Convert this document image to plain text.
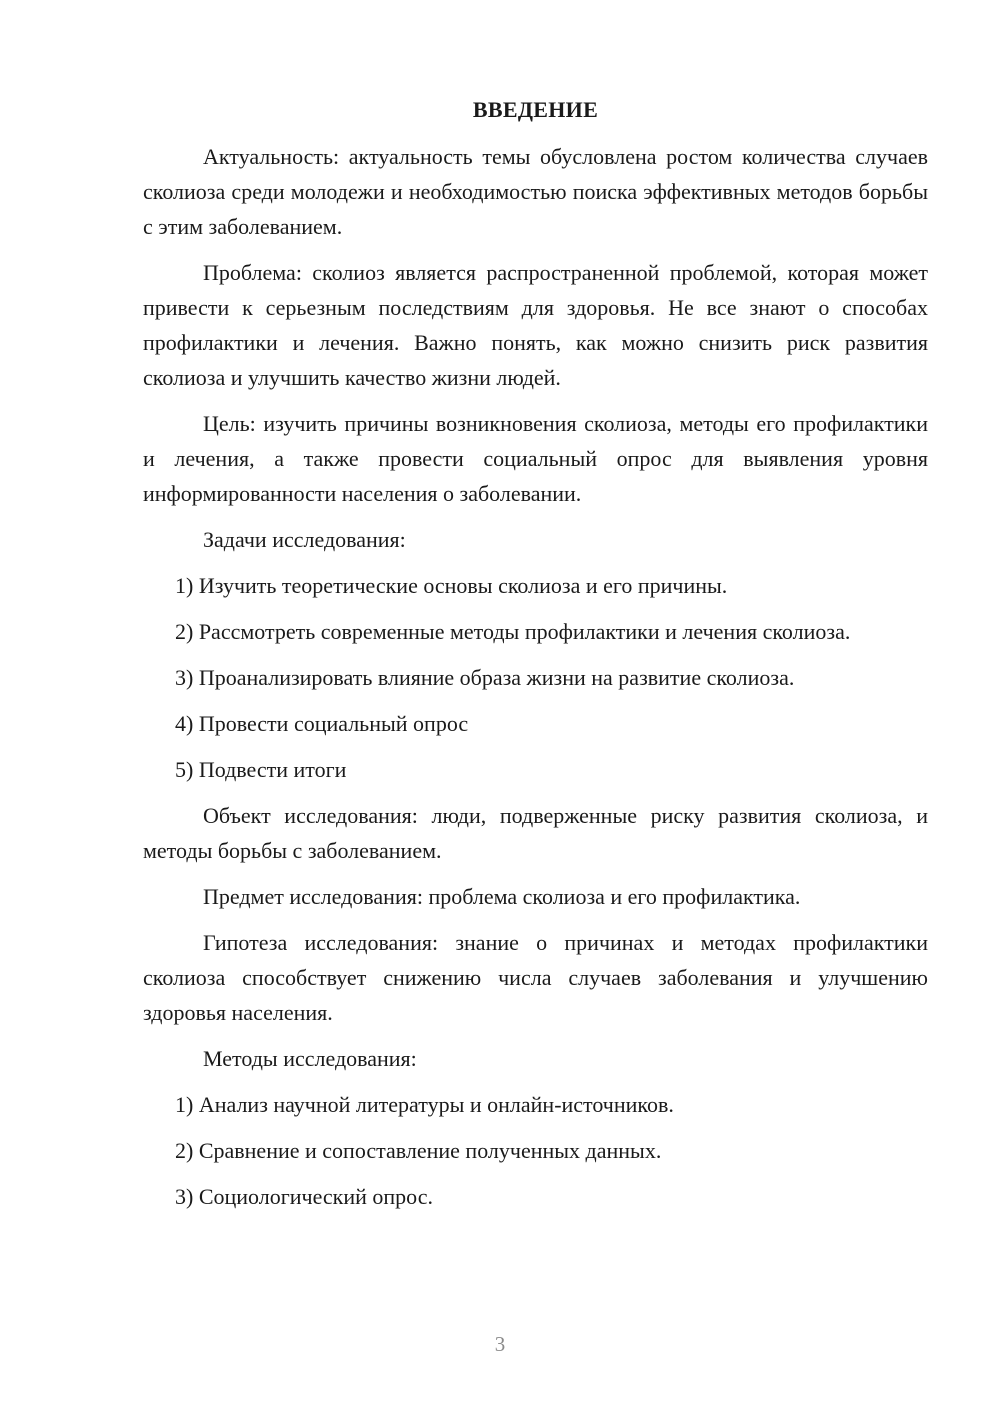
ВВЕДЕНИЕ

Актуальность: актуальность темы обусловлена ростом количества случаев сколиоза среди молодежи и необходимостью поиска эффективных методов борьбы с этим заболеванием.

Проблема: сколиоз является распространенной проблемой, которая может привести к серьезным последствиям для здоровья. Не все знают о способах профилактики и лечения. Важно понять, как можно снизить риск развития сколиоза и улучшить качество жизни людей.

Цель: изучить причины возникновения сколиоза, методы его профилактики и лечения, а также провести социальный опрос для выявления уровня информированности населения о заболевании.

Задачи исследования:

1) Изучить теоретические основы сколиоза и его причины.

2) Рассмотреть современные методы профилактики и лечения сколиоза.

3) Проанализировать влияние образа жизни на развитие сколиоза.

4) Провести социальный опрос

5) Подвести итоги

Объект исследования: люди, подверженные риску развития сколиоза, и методы борьбы с заболеванием.

Предмет исследования: проблема сколиоза и его профилактика.

Гипотеза исследования: знание о причинах и методах профилактики сколиоза способствует снижению числа случаев заболевания и улучшению здоровья населения.

Методы исследования:

1) Анализ научной литературы и онлайн-источников.

2) Сравнение и сопоставление полученных данных.

3) Социологический опрос.

3
